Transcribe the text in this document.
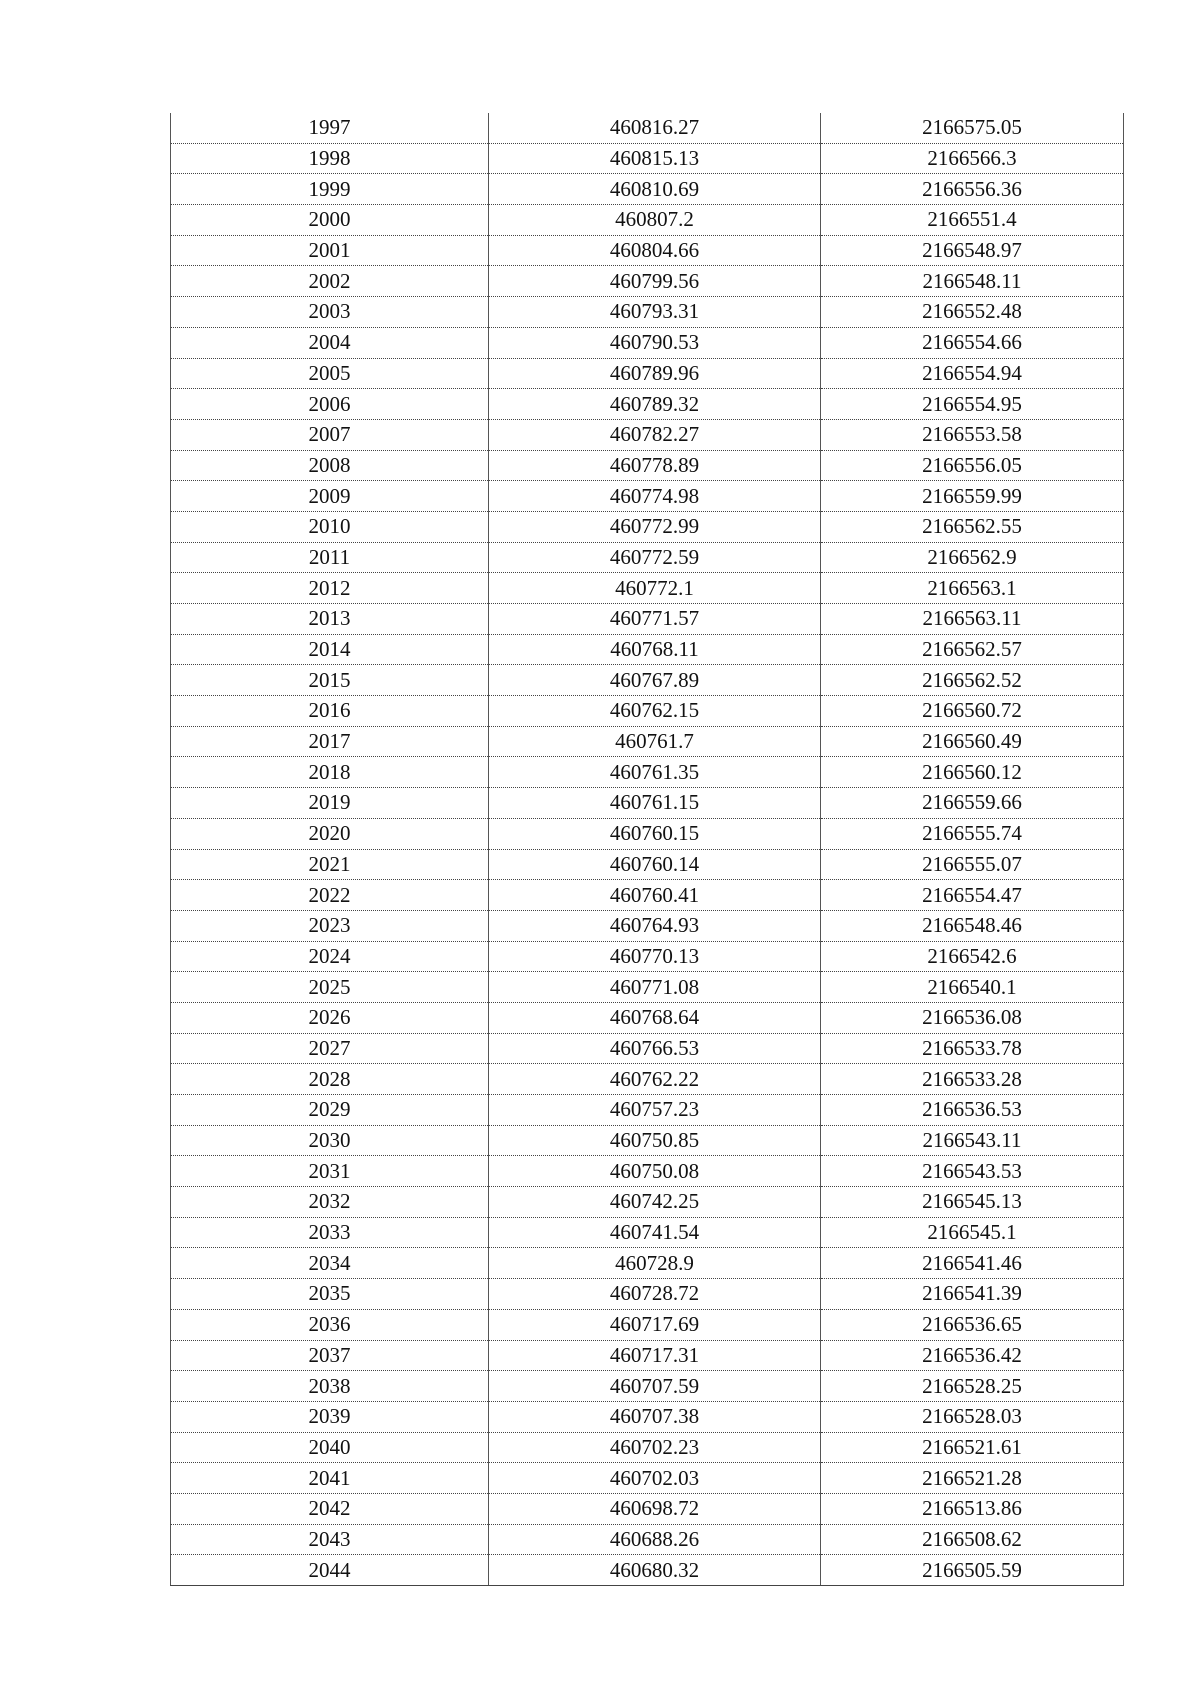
1997	460816.27	2166575.05
1998	460815.13	2166566.3
1999	460810.69	2166556.36
2000	460807.2	2166551.4
2001	460804.66	2166548.97
2002	460799.56	2166548.11
2003	460793.31	2166552.48
2004	460790.53	2166554.66
2005	460789.96	2166554.94
2006	460789.32	2166554.95
2007	460782.27	2166553.58
2008	460778.89	2166556.05
2009	460774.98	2166559.99
2010	460772.99	2166562.55
2011	460772.59	2166562.9
2012	460772.1	2166563.1
2013	460771.57	2166563.11
2014	460768.11	2166562.57
2015	460767.89	2166562.52
2016	460762.15	2166560.72
2017	460761.7	2166560.49
2018	460761.35	2166560.12
2019	460761.15	2166559.66
2020	460760.15	2166555.74
2021	460760.14	2166555.07
2022	460760.41	2166554.47
2023	460764.93	2166548.46
2024	460770.13	2166542.6
2025	460771.08	2166540.1
2026	460768.64	2166536.08
2027	460766.53	2166533.78
2028	460762.22	2166533.28
2029	460757.23	2166536.53
2030	460750.85	2166543.11
2031	460750.08	2166543.53
2032	460742.25	2166545.13
2033	460741.54	2166545.1
2034	460728.9	2166541.46
2035	460728.72	2166541.39
2036	460717.69	2166536.65
2037	460717.31	2166536.42
2038	460707.59	2166528.25
2039	460707.38	2166528.03
2040	460702.23	2166521.61
2041	460702.03	2166521.28
2042	460698.72	2166513.86
2043	460688.26	2166508.62
2044	460680.32	2166505.59
